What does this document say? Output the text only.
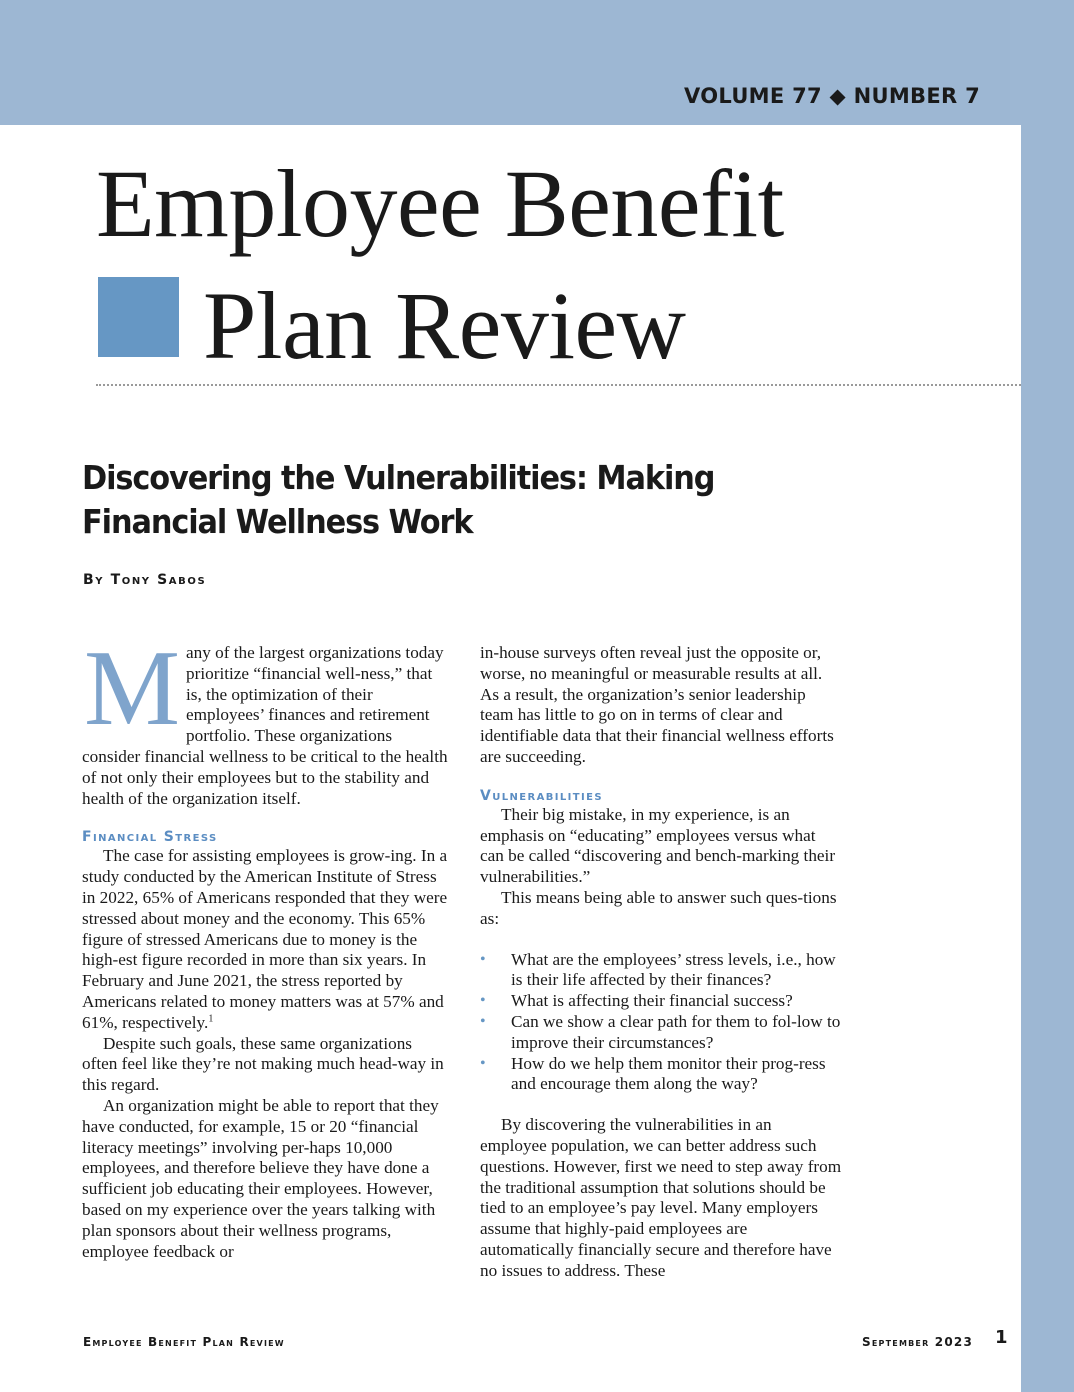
VOLUME 77 ◆ NUMBER 7
Employee Benefit
Plan Review
Discovering the Vulnerabilities: Making Financial Wellness Work
By Tony Sabos

Many of the largest organizations today prioritize “financial well-ness,” that is, the optimization of their employees’ finances and retirement portfolio. These organizations consider financial wellness to be critical to the health of not only their employees but to the stability and health of the organization itself.

Financial Stress

The case for assisting employees is grow-ing. In a study conducted by the American Institute of Stress in 2022, 65% of Americans responded that they were stressed about money and the economy. This 65% figure of stressed Americans due to money is the high-est figure recorded in more than six years. In February and June 2021, the stress reported by Americans related to money matters was at 57% and 61%, respectively.$^1$

Despite such goals, these same organizations often feel like they’re not making much head-way in this regard.

An organization might be able to report that they have conducted, for example, 15 or 20 “financial literacy meetings” involving per-haps 10,000 employees, and therefore believe they have done a sufficient job educating their employees. However, based on my experience over the years talking with plan sponsors about their wellness programs, employee feedback or

in-house surveys often reveal just the opposite or, worse, no meaningful or measurable results at all. As a result, the organization’s senior leadership team has little to go on in terms of clear and identifiable data that their financial wellness efforts are succeeding.

Vulnerabilities

Their big mistake, in my experience, is an emphasis on “educating” employees versus what can be called “discovering and bench-marking their vulnerabilities.”

This means being able to answer such ques-tions as:

• What are the employees’ stress levels, i.e., how is their life affected by their finances?
• What is affecting their financial success?
• Can we show a clear path for them to fol-low to improve their circumstances?
• How do we help them monitor their prog-ress and encourage them along the way?

By discovering the vulnerabilities in an employee population, we can better address such questions. However, first we need to step away from the traditional assumption that solutions should be tied to an employee’s pay level. Many employers assume that highly-paid employees are automatically financially secure and therefore have no issues to address. These

Employee Benefit Plan Review	September 2023 1
